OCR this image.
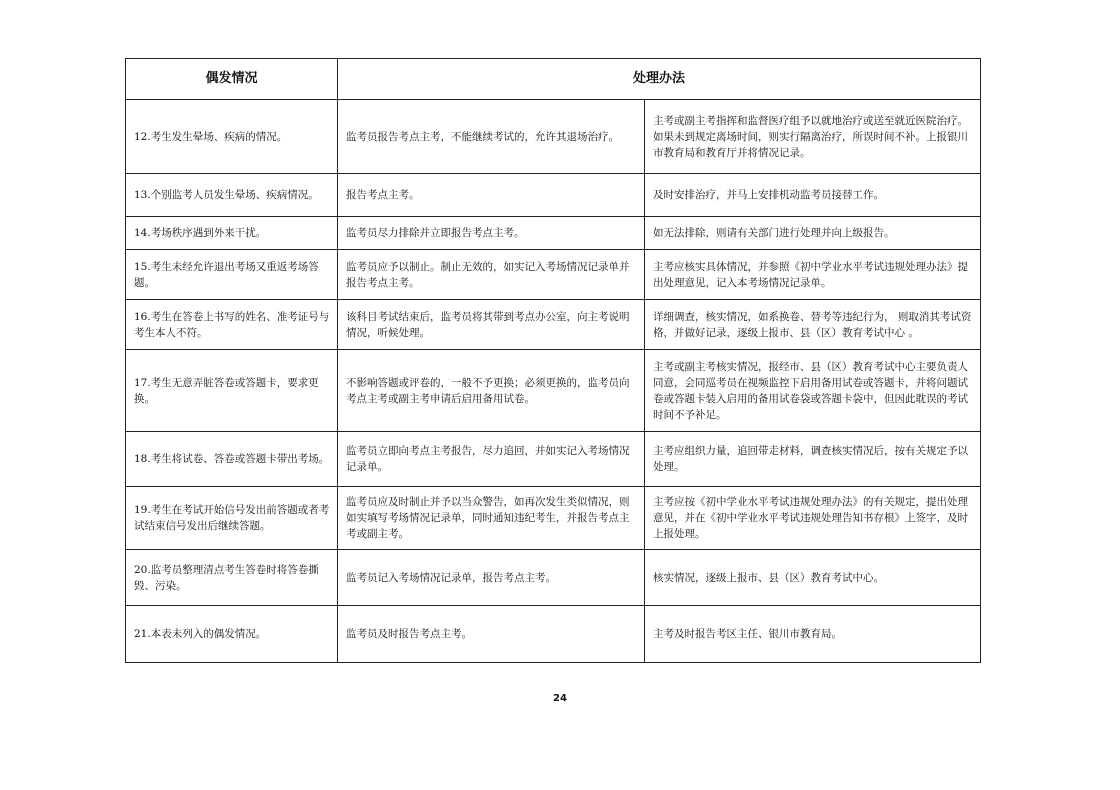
偶发情况	处理办法	
12.考生发生晕场、疾病的情况。	监考员报告考点主考，不能继续考试的，允许其退场治疗。	主考或副主考指挥和监督医疗组予以就地治疗或送至就近医院治疗。如果未到规定离场时间，则实行隔离治疗，所误时间不补。上报银川市教育局和教育厅并将情况记录。
13.个别监考人员发生晕场、疾病情况。	报告考点主考。	及时安排治疗，并马上安排机动监考员接替工作。
14.考场秩序遇到外来干扰。	监考员尽力排除并立即报告考点主考。	如无法排除，则请有关部门进行处理并向上级报告。
15.考生未经允许退出考场又重返考场答题。	监考员应予以制止。制止无效的，如实记入考场情况记录单并报告考点主考。	主考应核实具体情况，并参照《初中学业水平考试违规处理办法》提出处理意见，记入本考场情况记录单。
16.考生在答卷上书写的姓名、准考证号与考生本人不符。	该科目考试结束后，监考员将其带到考点办公室，向主考说明情况，听候处理。	详细调查，核实情况，如系换卷、替考等违纪行为， 则取消其考试资格，并做好记录，逐级上报市、县（区）教育考试中心 。
17.考生无意弄脏答卷或答题卡，要求更换。	不影响答题或评卷的，一般不予更换；必须更换的，监考员向考点主考或副主考申请后启用备用试卷。	主考或副主考核实情况，报经市、县（区）教育考试中心主要负责人同意，会同巡考员在视频监控下启用备用试卷或答题卡，并将问题试卷或答题卡装入启用的备用试卷袋或答题卡袋中，但因此耽误的考试时间不予补足。
18.考生将试卷、答卷或答题卡带出考场。	监考员立即向考点主考报告，尽力追回，并如实记入考场情况记录单。	主考应组织力量，追回带走材料，调查核实情况后，按有关规定予以处理。
19.考生在考试开始信号发出前答题或者考试结束信号发出后继续答题。	监考员应及时制止并予以当众警告，如再次发生类似情况，则如实填写考场情况记录单，同时通知违纪考生，并报告考点主考或副主考。	主考应按《初中学业水平考试违规处理办法》的有关规定，提出处理意见，并在《初中学业水平考试违规处理告知书存根》上签字，及时上报处理。
20.监考员整理清点考生答卷时将答卷撕毁、污染。	监考员记入考场情况记录单，报告考点主考。	核实情况，逐级上报市、县（区）教育考试中心。
21.本表未列入的偶发情况。	监考员及时报告考点主考。	主考及时报告考区主任、银川市教育局。
24
